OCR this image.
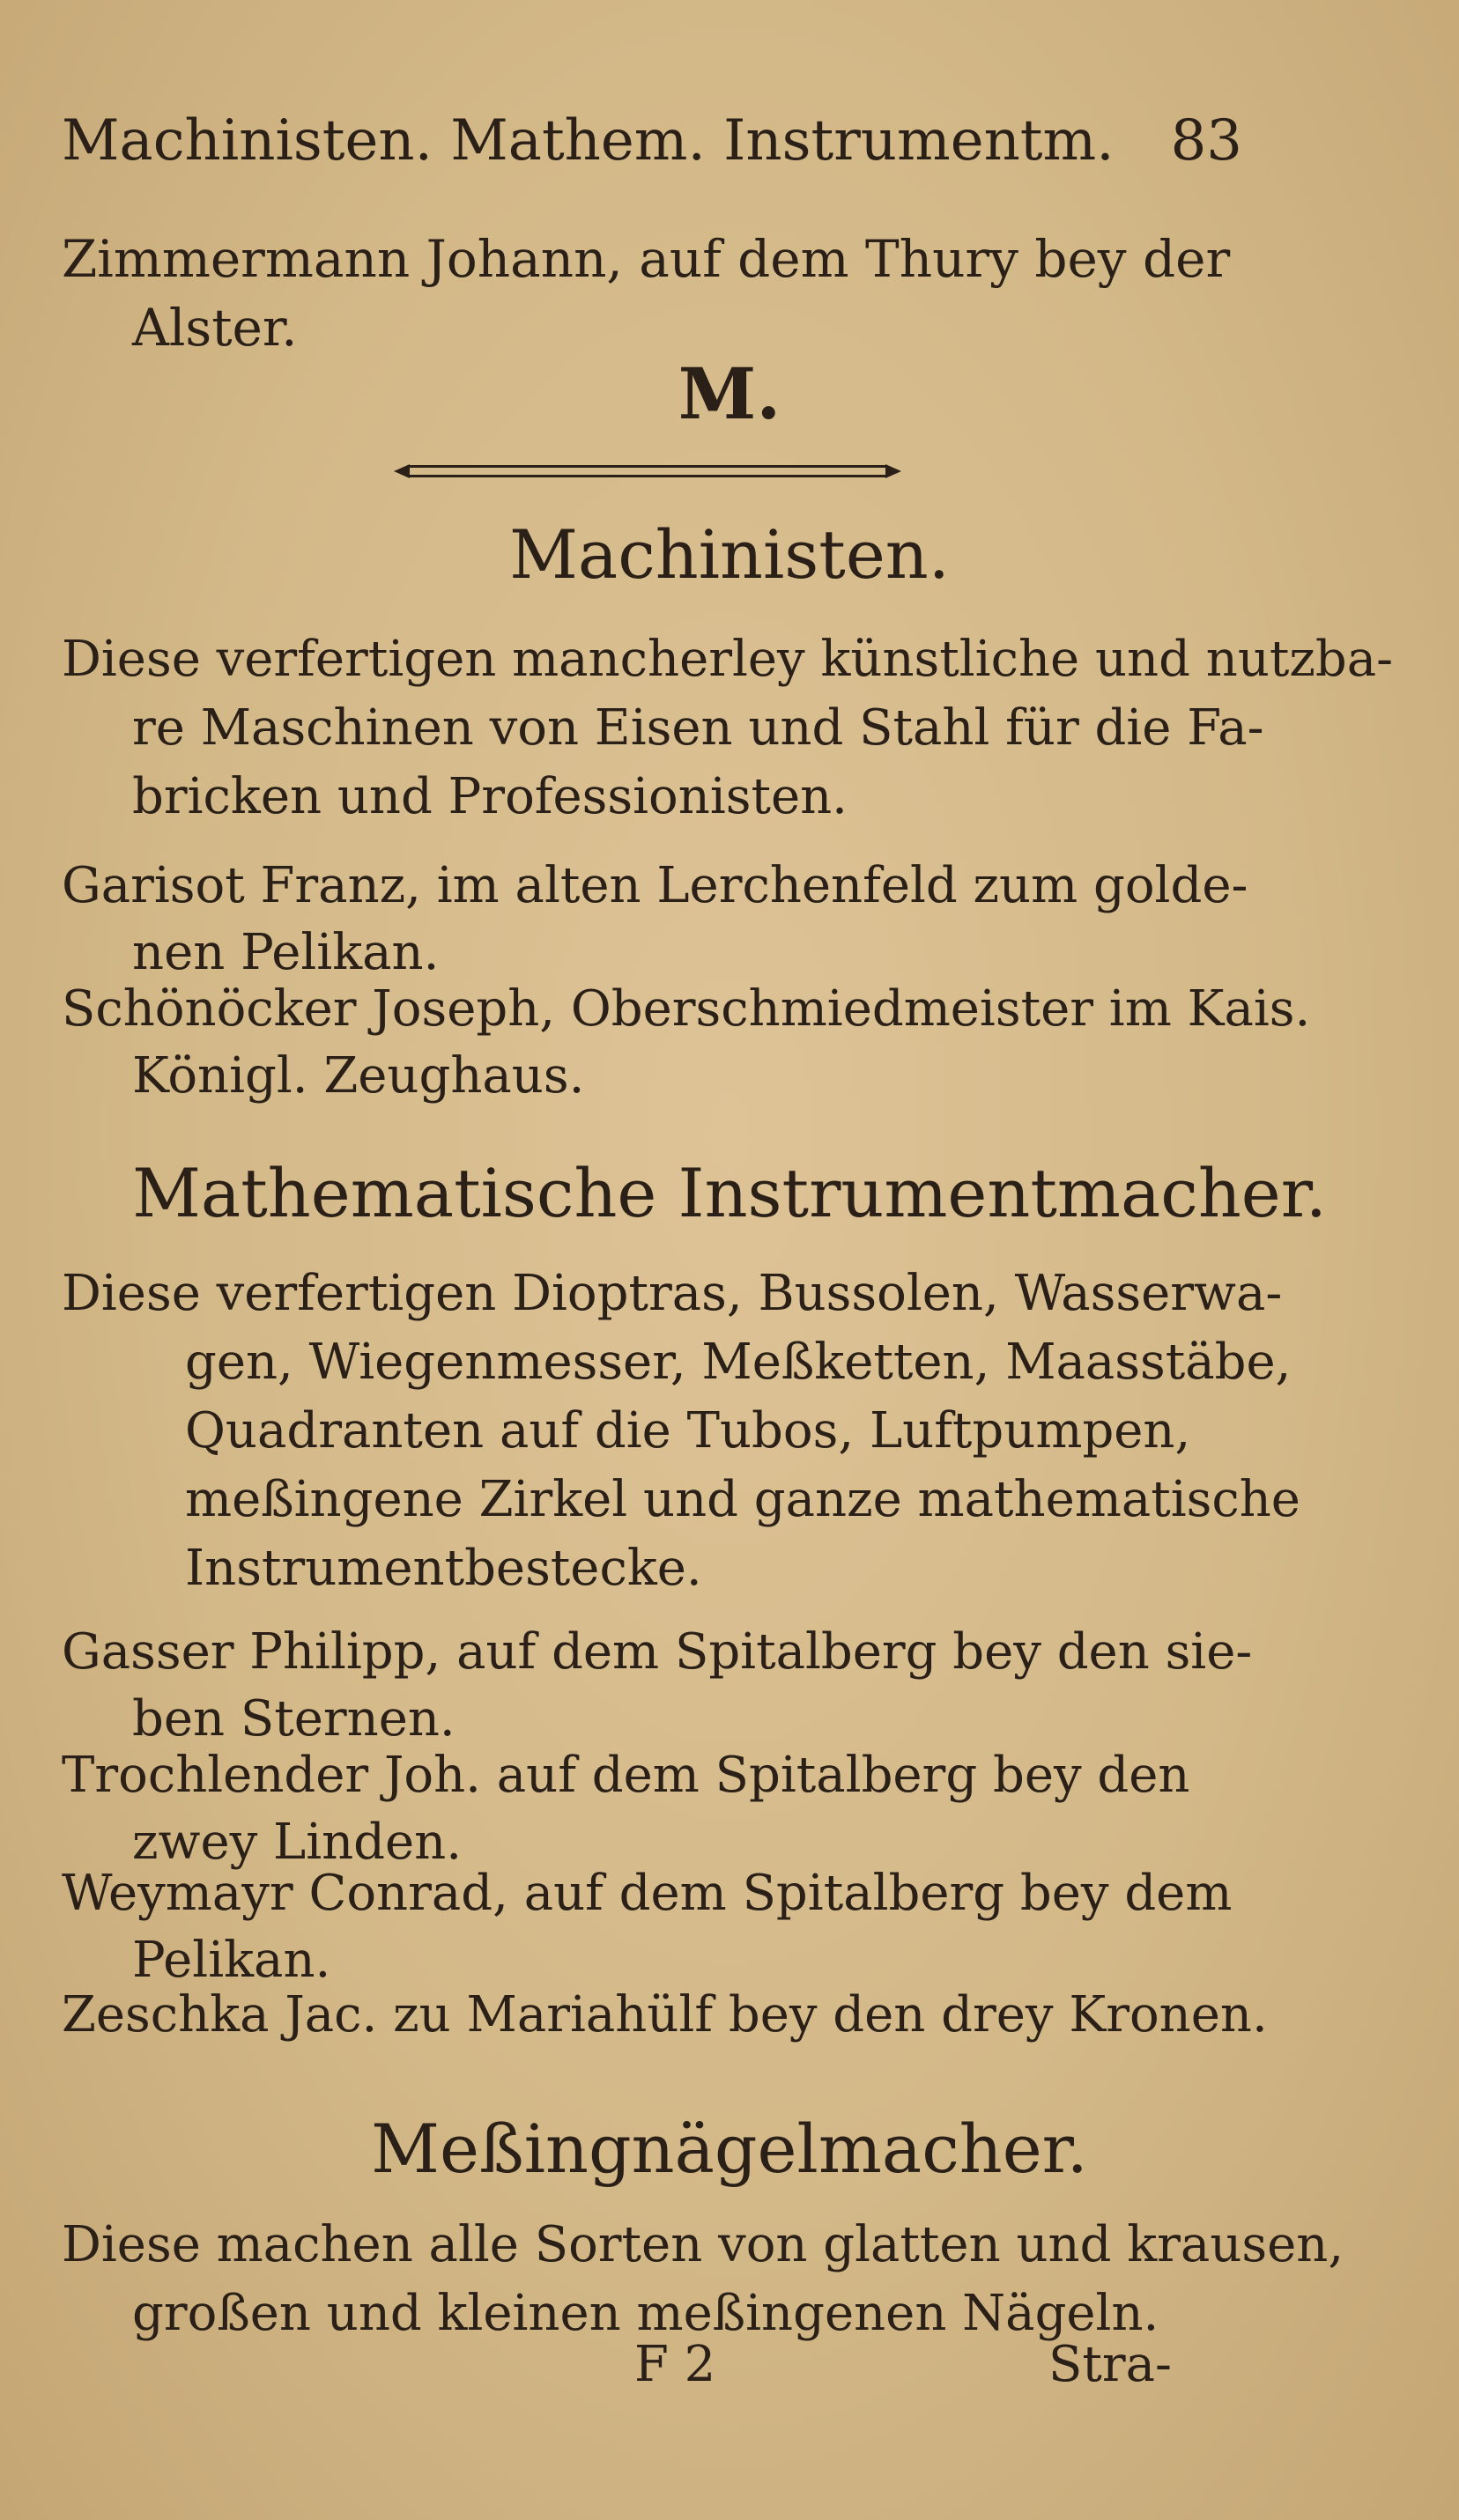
Machinisten. Mathem. Instrumentm. 83
Zimmermann Johann, auf dem Thury bey der
Alster.
M.
Machinisten.
Diese verfertigen mancherley künstliche und nutzba-
re Maschinen von Eisen und Stahl für die Fa-
bricken und Professionisten.
Garisot Franz, im alten Lerchenfeld zum golde-
nen Pelikan.
Schönöcker Joseph, Oberschmiedmeister im Kais.
Königl. Zeughaus.
Mathematische Instrumentmacher.
Diese verfertigen Dioptras, Bussolen, Wasserwa-
gen, Wiegenmesser, Meßketten, Maasstäbe,
Quadranten auf die Tubos, Luftpumpen,
meßingene Zirkel und ganze mathematische
Instrumentbestecke.
Gasser Philipp, auf dem Spitalberg bey den sie-
ben Sternen.
Trochlender Joh. auf dem Spitalberg bey den
zwey Linden.
Weymayr Conrad, auf dem Spitalberg bey dem
Pelikan.
Zeschka Jac. zu Mariahülf bey den drey Kronen.
Meßingnägelmacher.
Diese machen alle Sorten von glatten und krausen,
großen und kleinen meßingenen Nägeln.
F 2	Stra-
